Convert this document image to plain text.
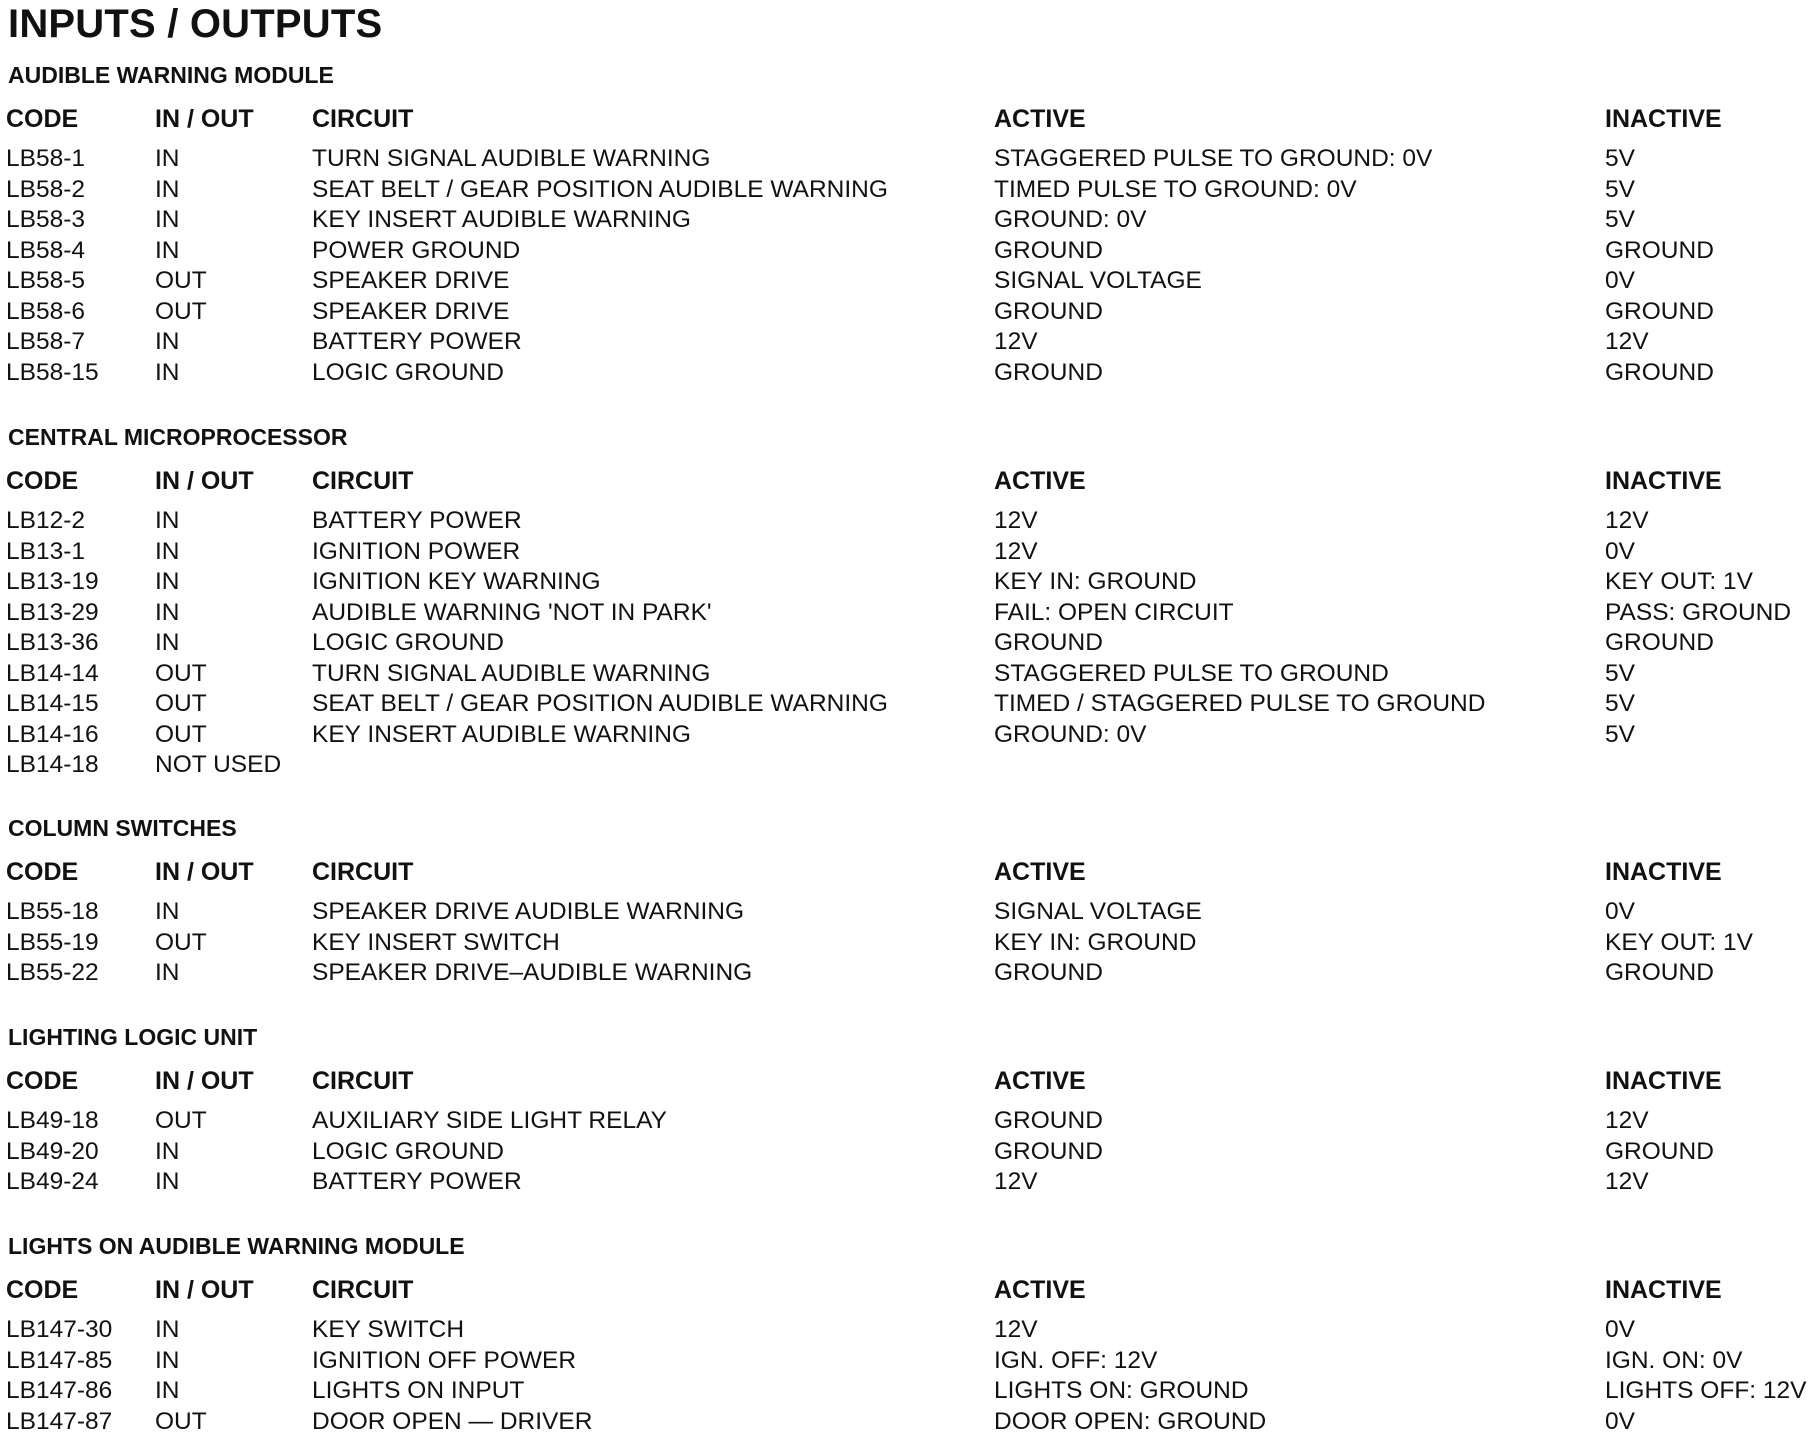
INPUTS / OUTPUTS
AUDIBLE WARNING MODULE
CODE	IN / OUT CIRCUIT	ACTIVE	INACTIVE
LB58-1	IN	TURN SIGNAL AUDIBLE WARNING	STAGGERED PULSE TO GROUND: 0V	5V
LB58-2	IN	SEAT BELT / GEAR POSITION AUDIBLE WARNING	TIMED PULSE TO GROUND: 0V	5V
LB58-3	IN	KEY INSERT AUDIBLE WARNING	GROUND: 0V	5V
LB58-4	IN	POWER GROUND	GROUND	GROUND
LB58-5	OUT	SPEAKER DRIVE	SIGNAL VOLTAGE	0V
LB58-6	OUT	SPEAKER DRIVE	GROUND	GROUND
LB58-7	IN	BATTERY POWER	12V	12V
LB58-15 IN	LOGIC GROUND	GROUND	GROUND
CENTRAL MICROPROCESSOR
CODE	IN / OUT CIRCUIT	ACTIVE	INACTIVE
LB12-2	IN	BATTERY POWER	12V	12V
LB13-1	IN	IGNITION POWER	12V	0V
LB13-19 IN	IGNITION KEY WARNING	KEY IN: GROUND	KEY OUT: 1V
LB13-29 IN	AUDIBLE WARNING 'NOT IN PARK'	FAIL: OPEN CIRCUIT	PASS: GROUND
LB13-36 IN	LOGIC GROUND	GROUND	GROUND
LB14-14 OUT	TURN SIGNAL AUDIBLE WARNING	STAGGERED PULSE TO GROUND	5V
LB14-15 OUT	SEAT BELT / GEAR POSITION AUDIBLE WARNING	TIMED / STAGGERED PULSE TO GROUND	5V
LB14-16 OUT	KEY INSERT AUDIBLE WARNING	GROUND: 0V	5V
LB14-18 NOT USED
COLUMN SWITCHES
CODE	IN / OUT CIRCUIT	ACTIVE	INACTIVE
LB55-18 IN	SPEAKER DRIVE AUDIBLE WARNING	SIGNAL VOLTAGE	0V
LB55-19 OUT	KEY INSERT SWITCH	KEY IN: GROUND	KEY OUT: 1V
LB55-22 IN	SPEAKER DRIVE–AUDIBLE WARNING	GROUND	GROUND
LIGHTING LOGIC UNIT
CODE	IN / OUT CIRCUIT	ACTIVE	INACTIVE
LB49-18 OUT	AUXILIARY SIDE LIGHT RELAY	GROUND	12V
LB49-20 IN	LOGIC GROUND	GROUND	GROUND
LB49-24 IN	BATTERY POWER	12V	12V
LIGHTS ON AUDIBLE WARNING MODULE
CODE	IN / OUT CIRCUIT	ACTIVE	INACTIVE
LB147-30 IN	KEY SWITCH	12V	0V
LB147-85 IN	IGNITION OFF POWER	IGN. OFF: 12V	IGN. ON: 0V
LB147-86 IN	LIGHTS ON INPUT	LIGHTS ON: GROUND	LIGHTS OFF: 12V
LB147-87 OUT	DOOR OPEN — DRIVER	DOOR OPEN: GROUND	0V
